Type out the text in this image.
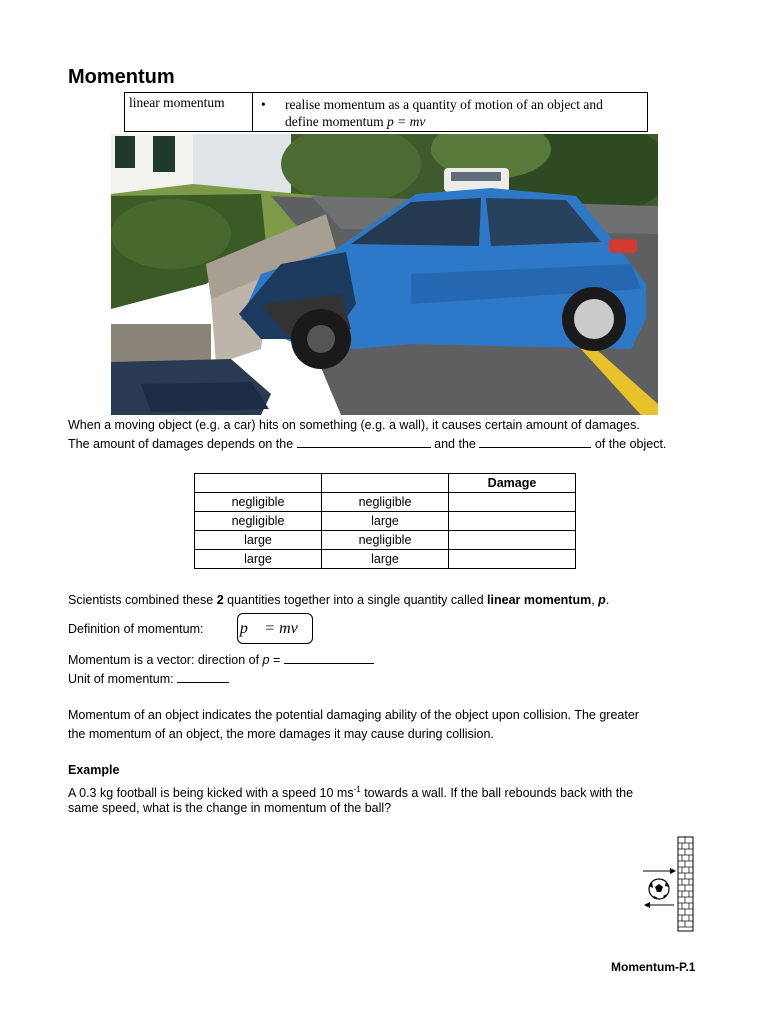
Momentum
linear momentum	•	realise momentum as a quantity of motion of an object and
define momentum p = mv
When a moving object (e.g. a car) hits on something (e.g. a wall), it causes certain amount of damages.
The amount of damages depends on the	and the	of the object.
		Damage
negligible	negligible	
negligible	large	
large	negligible	
large	large	
Scientists combined these 2 quantities together into a single quantity called linear momentum, p.
Definition of momentum: p⃗ = mv⃗
Momentum is a vector: direction of p =
Unit of momentum:
Momentum of an object indicates the potential damaging ability of the object upon collision. The greater
the momentum of an object, the more damages it may cause during collision.
Example
A 0.3 kg football is being kicked with a speed 10 $ms^{-1}$ towards a wall. If the ball rebounds back with the
same speed, what is the change in momentum of the ball?
Momentum-P.1
